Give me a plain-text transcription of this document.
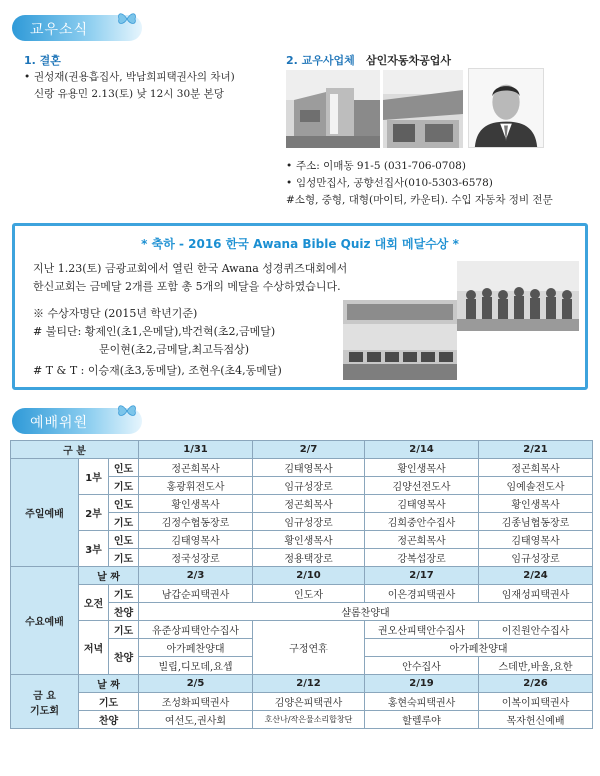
교우소식
1. 결혼
• 권성재(권용흡집사, 박남희피택권사의 차녀)
신랑 유용민 2.13(토) 낮 12시 30분 본당
2. 교우사업체 삼인자동차공업사
• 주소: 이매동 91-5 (031-706-0708)
• 임성만집사, 공향선집사(010-5303-6578)
#소형, 중형, 대형(마이티, 카운티). 수입 자동차 정비 전문
* 축하 - 2016 한국 Awana Bible Quiz 대회 메달수상 *
지난 1.23(토) 금광교회에서 열린 한국 Awana 성경퀴즈대회에서
한신교회는 금메달 2개를 포함 총 5개의 메달을 수상하였습니다.
※ 수상자명단 (2015년 학년기준)
# 불티단: 황제인(초1,은메달),박건혁(초2,금메달)
문이현(초2,금메달,최고득점상)
# T & T : 이승재(초3,동메달), 조현우(초4,동메달)
예배위원
구 분			1/31	2/7	2/14	2/21
주일예배	1부	인도	정곤희목사	김태영목사	황인생목사	정곤희목사
		기도	홍광휘전도사	임규성장로	김양선전도사	임예솔전도사
	2부	인도	황인생목사	정곤희목사	김태영목사	황인생목사
		기도	김정수협동장로	임규성장로	김희중안수집사	김종님협동장로
	3부	인도	김태영목사	황인생목사	정곤희목사	김태영목사
		기도	정국성장로	정용택장로	강복섭장로	임규성장로
수요예배	날 짜		2/3	2/10	2/17	2/24
	오전	기도	남갑순피택권사	인도자	이은경피택권사	임재성피택권사
		찬양	샬롬찬양대			
	저녁	기도	유준상피택안수집사	구정연휴	권오산피택안수집사	이진원안수집사
		찬양	아가페찬양대		아가페찬양대	

			빌립,디모데,요셉		안수집사	스데반,바울,요한

금 요
기도회	날 짜		2/5	2/12	2/19	2/26
	기도		조성화피택권사	김양은피택권사	홍현숙피택권사	이복이피택권사
	찬양		여선도,권사회	호산나/작은물소리합창단	할렐루야	목자헌신예배
